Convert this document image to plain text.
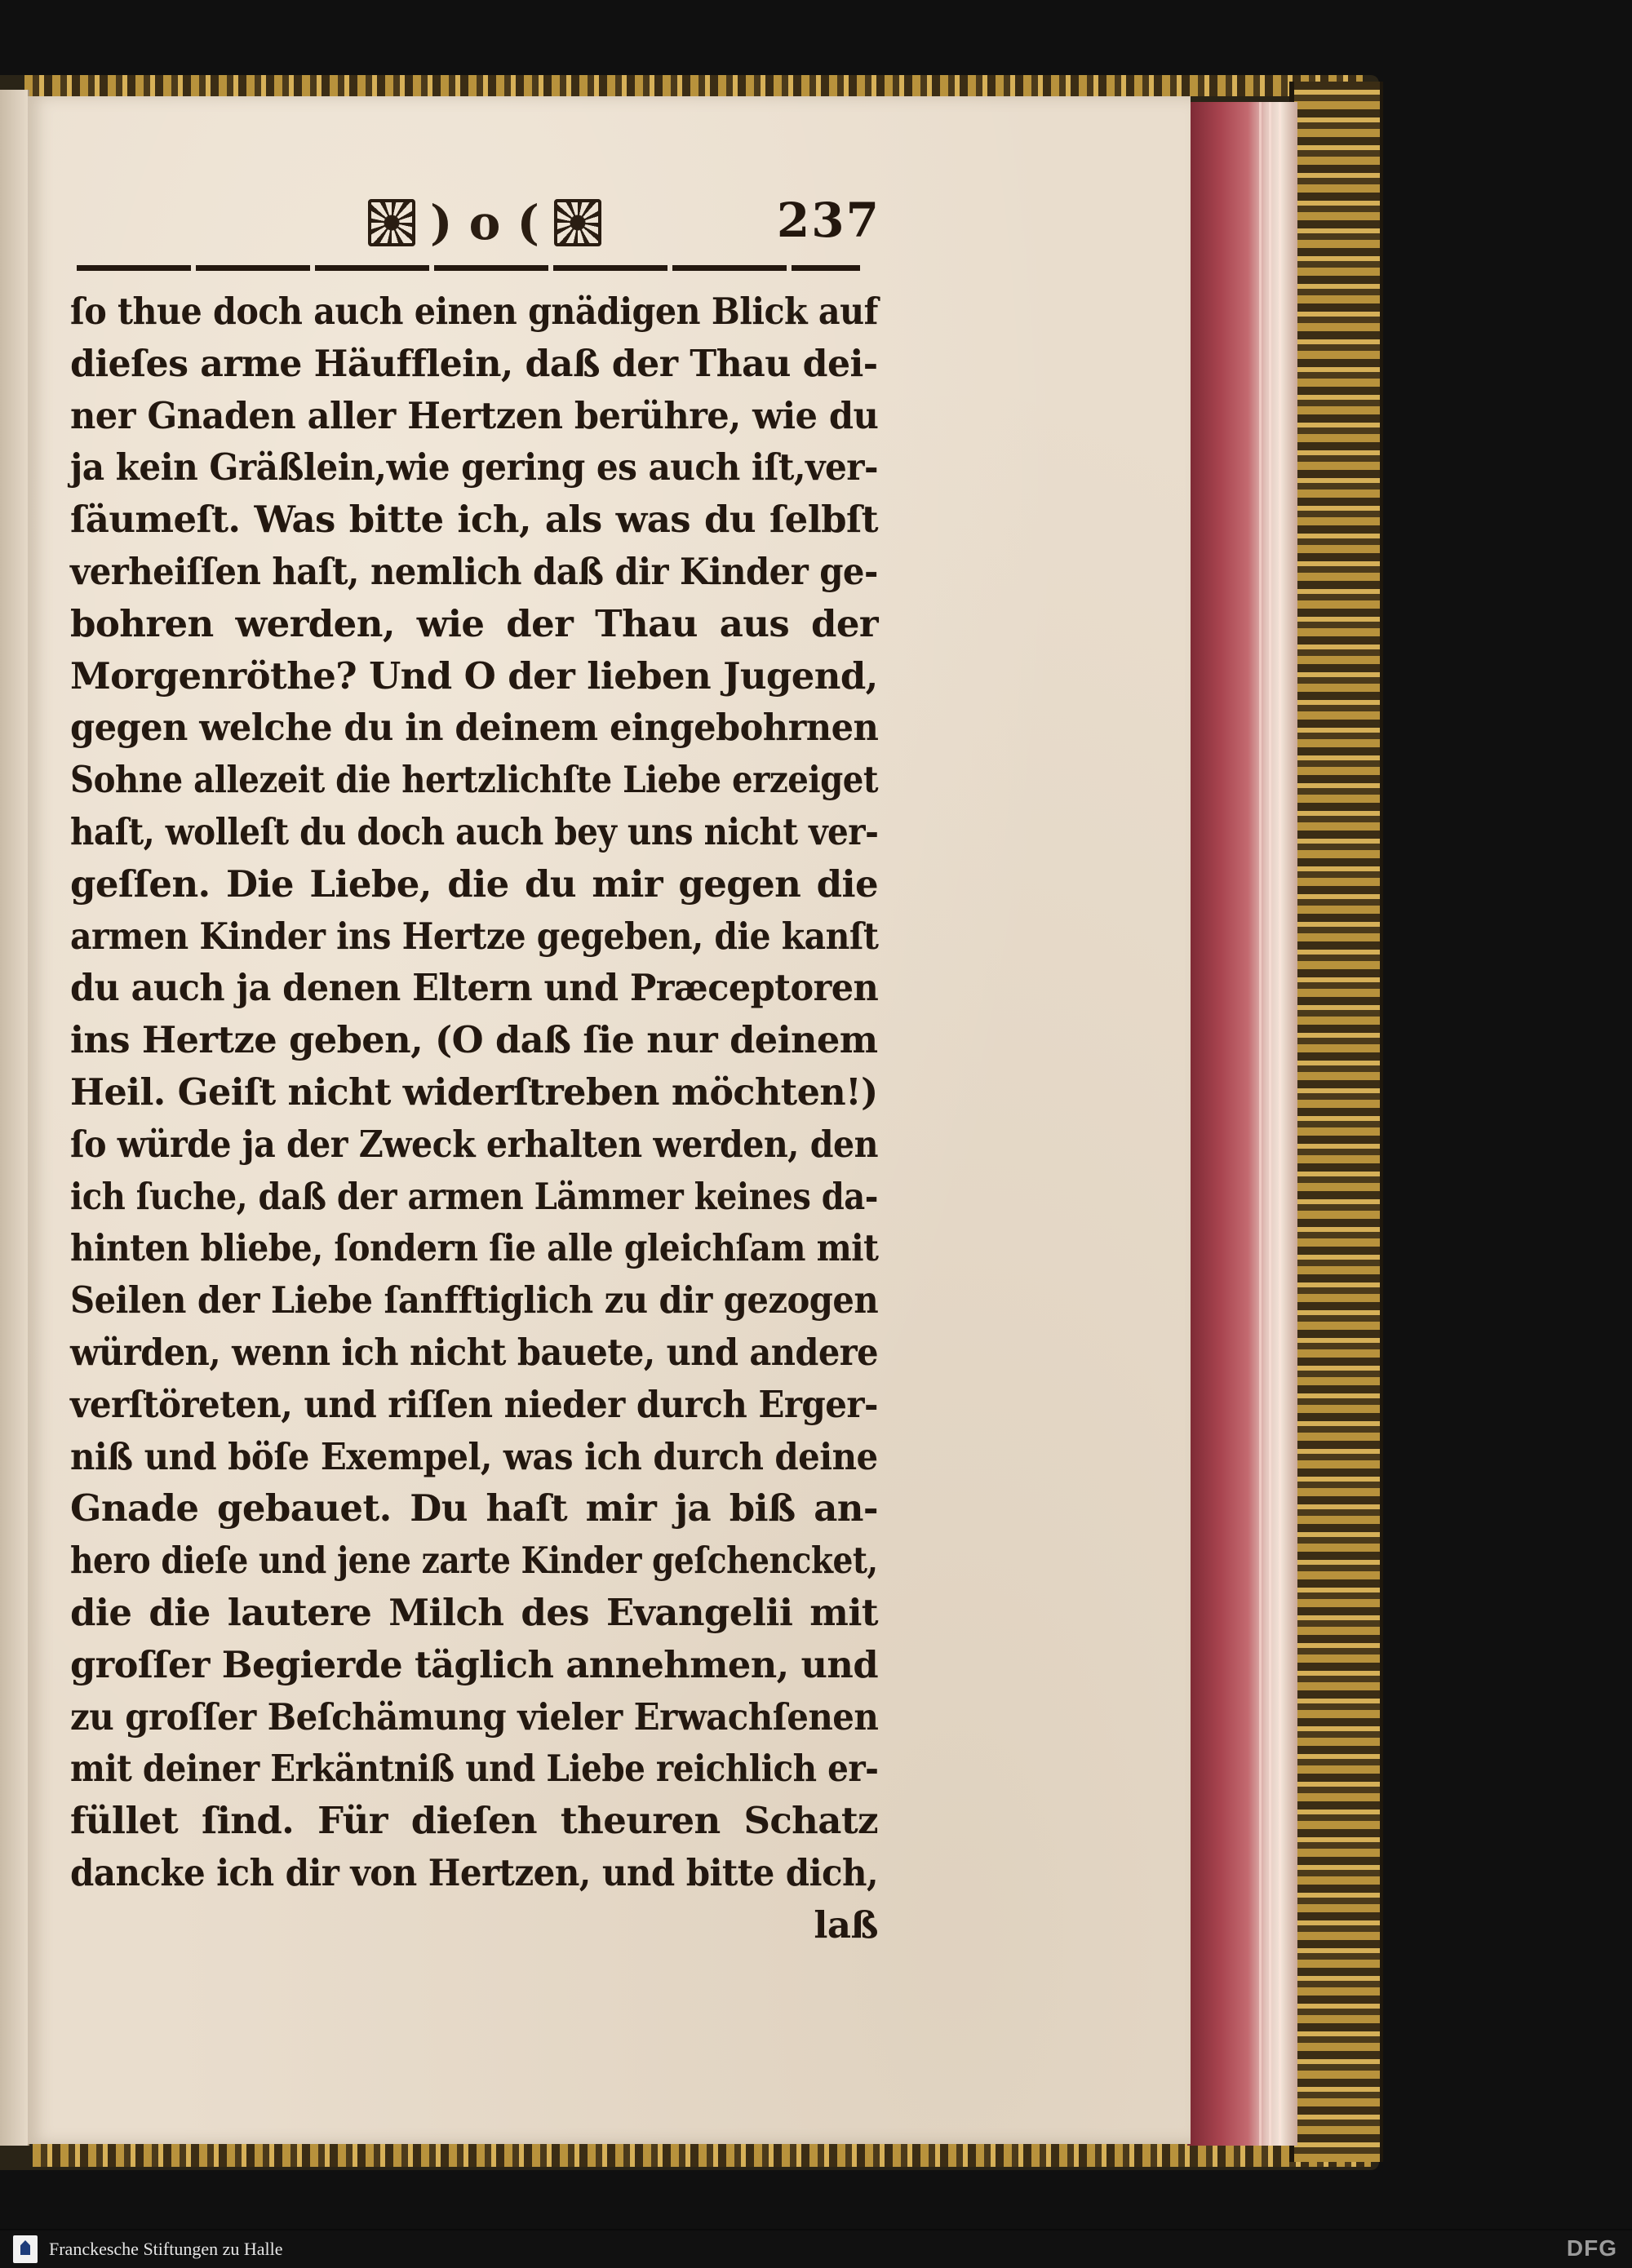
) o (	237
ſo thue doch auch einen gnädigen Blick auf
dieſes arme Häufflein, daß der Thau dei-
ner Gnaden aller Hertzen berühre, wie du
ja kein Gräßlein,wie gering es auch iſt,ver-
ſäumeſt. Was bitte ich, als was du ſelbſt
verheiſſen haſt, nemlich daß dir Kinder ge-
bohren werden, wie der Thau aus der
Morgenröthe? Und O der lieben Jugend,
gegen welche du in deinem eingebohrnen
Sohne allezeit die hertzlichſte Liebe erzeiget
haſt, wolleſt du doch auch bey uns nicht ver-
geſſen. Die Liebe, die du mir gegen die
armen Kinder ins Hertze gegeben, die kanſt
du auch ja denen Eltern und Præceptoren
ins Hertze geben, (O daß ſie nur deinem
Heil. Geiſt nicht widerſtreben möchten!)
ſo würde ja der Zweck erhalten werden, den
ich ſuche, daß der armen Lämmer keines da-
hinten bliebe, ſondern ſie alle gleichſam mit
Seilen der Liebe ſanfftiglich zu dir gezogen
würden, wenn ich nicht bauete, und andere
verſtöreten, und riſſen nieder durch Erger-
niß und böſe Exempel, was ich durch deine
Gnade gebauet. Du haſt mir ja biß an-
hero dieſe und jene zarte Kinder geſchencket,
die die lautere Milch des Evangelii mit
groſſer Begierde täglich annehmen, und
zu groſſer Beſchämung vieler Erwachſenen
mit deiner Erkäntniß und Liebe reichlich er-
füllet ſind. Für dieſen theuren Schatz
dancke ich dir von Hertzen, und bitte dich,
laß
Franckesche Stiftungen zu Halle	DFG
